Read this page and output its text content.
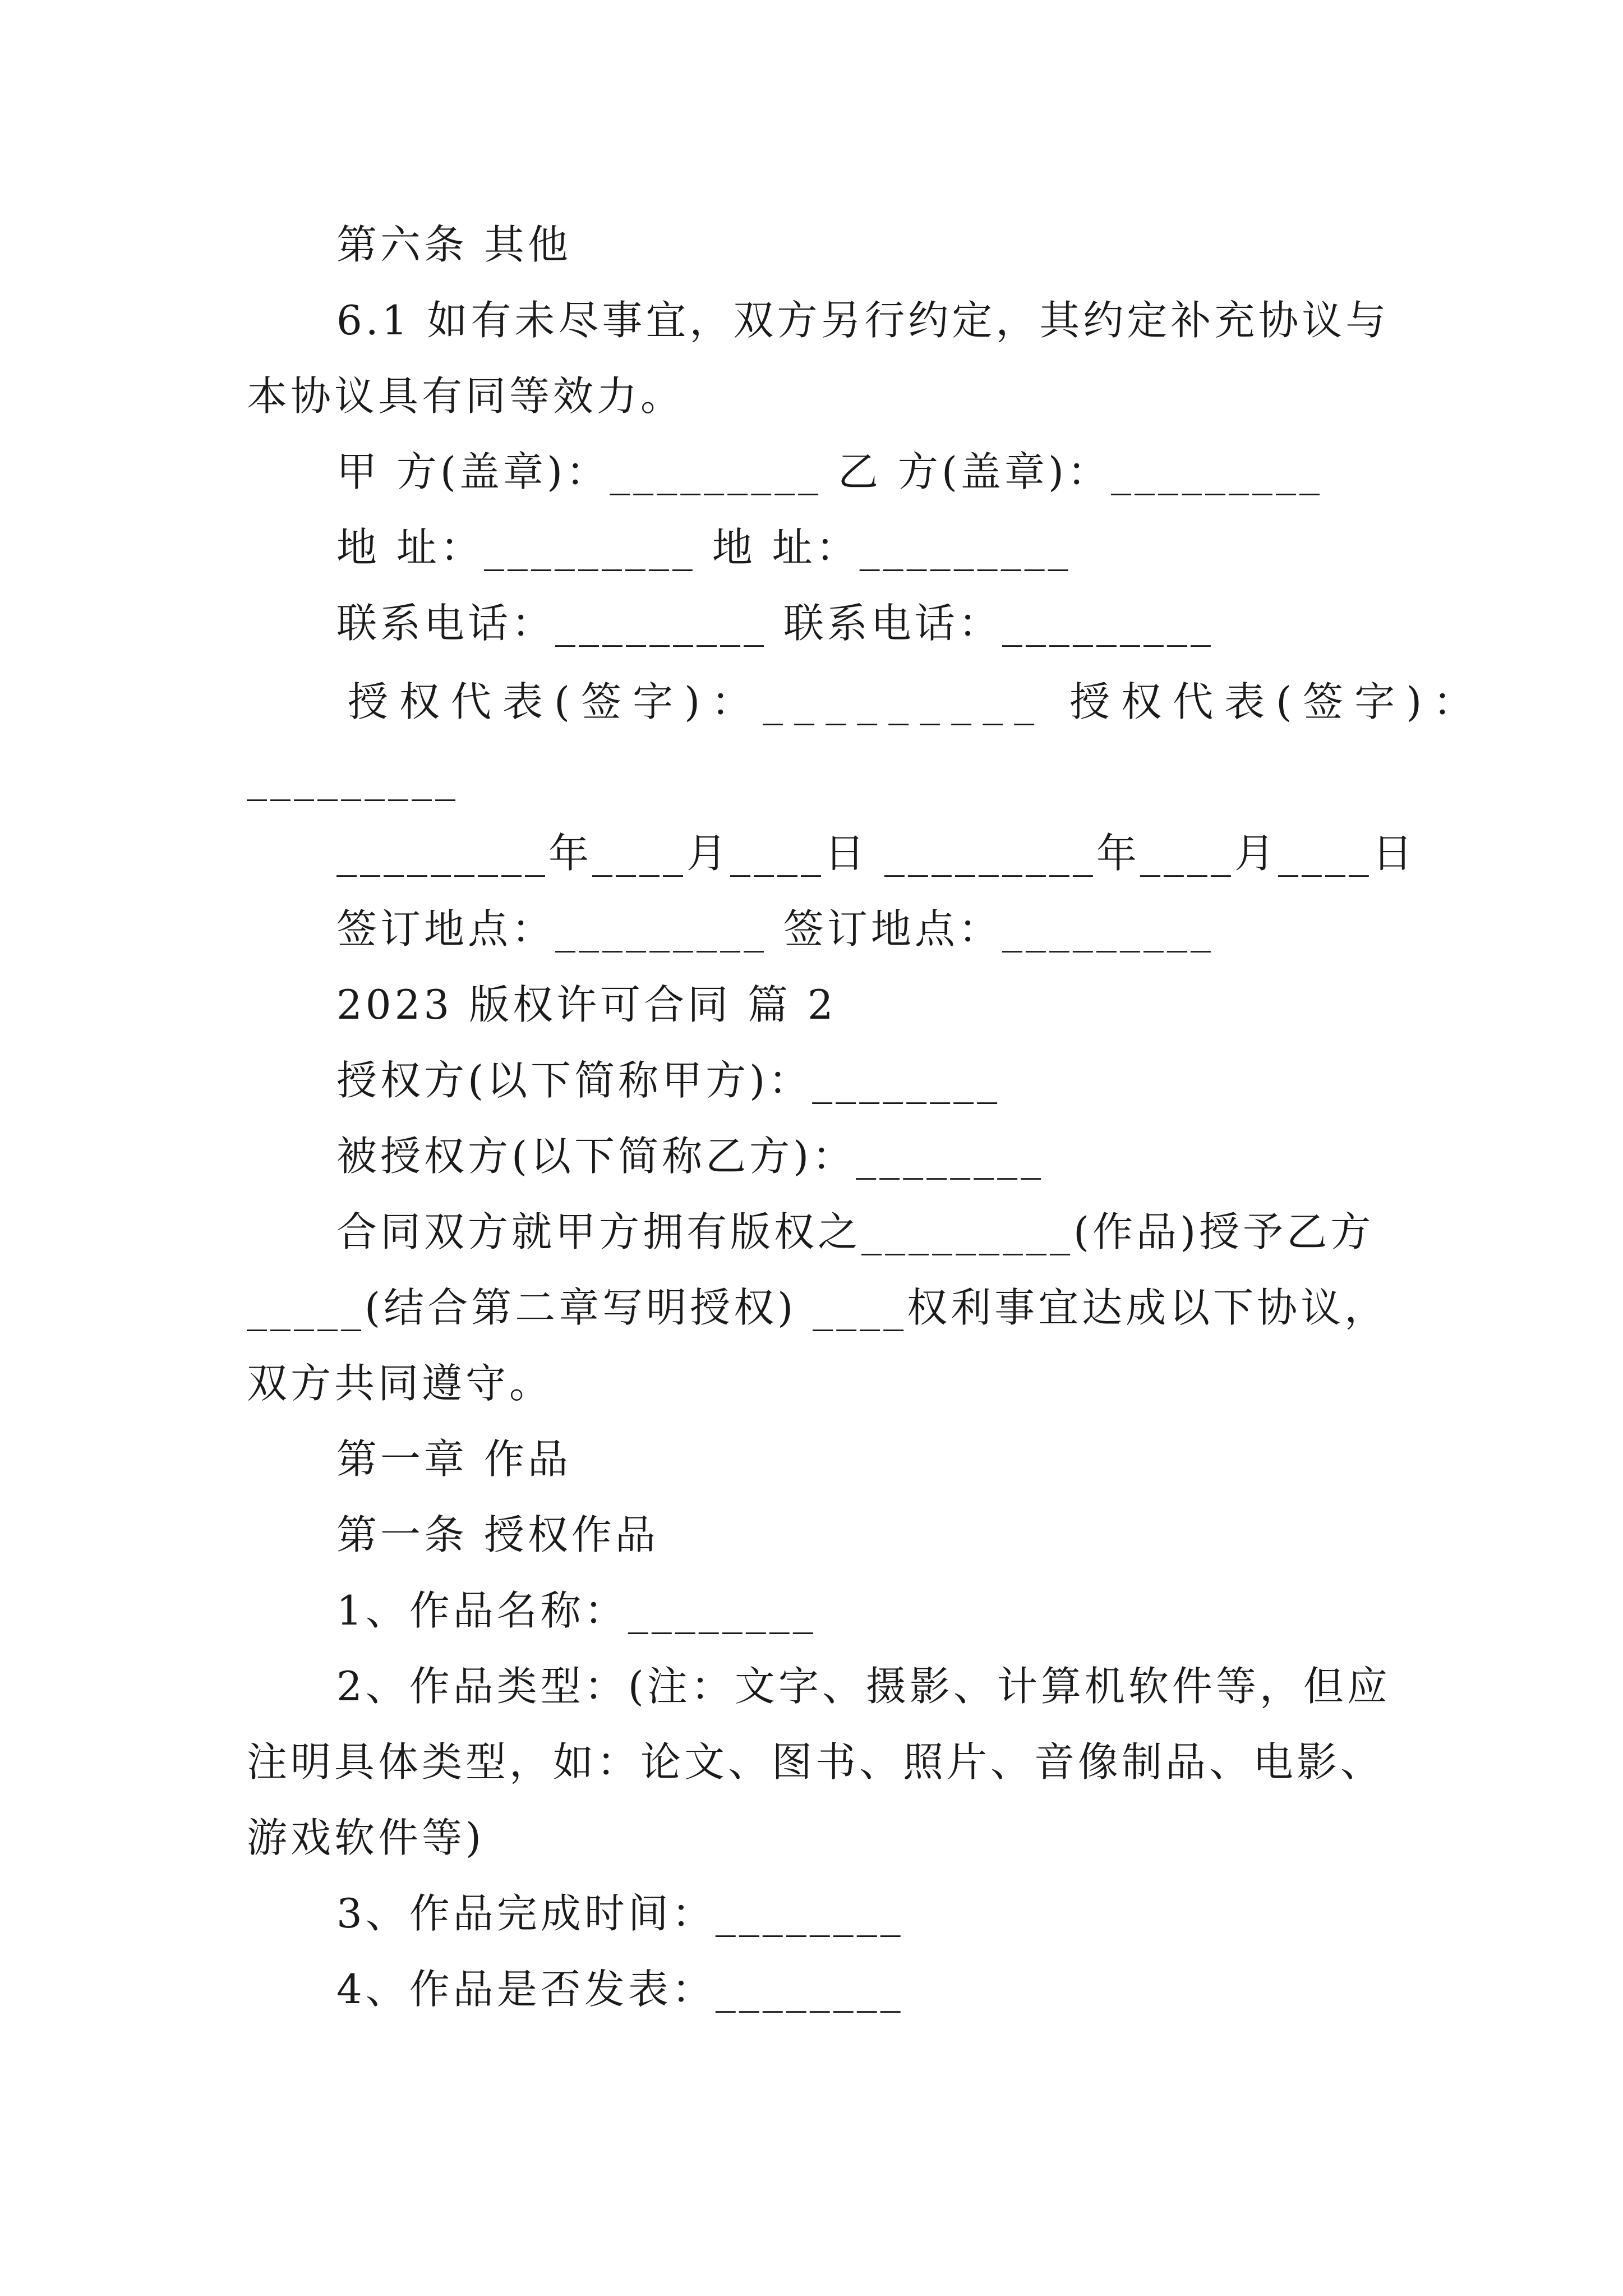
第六条 其他
6.1 如有未尽事宜，双方另行约定，其约定补充协议与
本协议具有同等效力。
甲 方(盖章)：_________ 乙 方(盖章)：_________
地 址：_________ 地 址：_________
联系电话：_________ 联系电话：_________
授权代表(签字)：_________ 授权代表(签字)：
_________
_________年____月____日 _________年____月____日
签订地点：_________ 签订地点：_________
2023 版权许可合同 篇 2
授权方(以下简称甲方)：________
被授权方(以下简称乙方)：________
合同双方就甲方拥有版权之_________(作品)授予乙方
_____(结合第二章写明授权) ____权利事宜达成以下协议，
双方共同遵守。
第一章 作品
第一条 授权作品
1、作品名称：________
2、作品类型：(注：文字、摄影、计算机软件等，但应
注明具体类型，如：论文、图书、照片、音像制品、电影、
游戏软件等)
3、作品完成时间：________
4、作品是否发表：________
